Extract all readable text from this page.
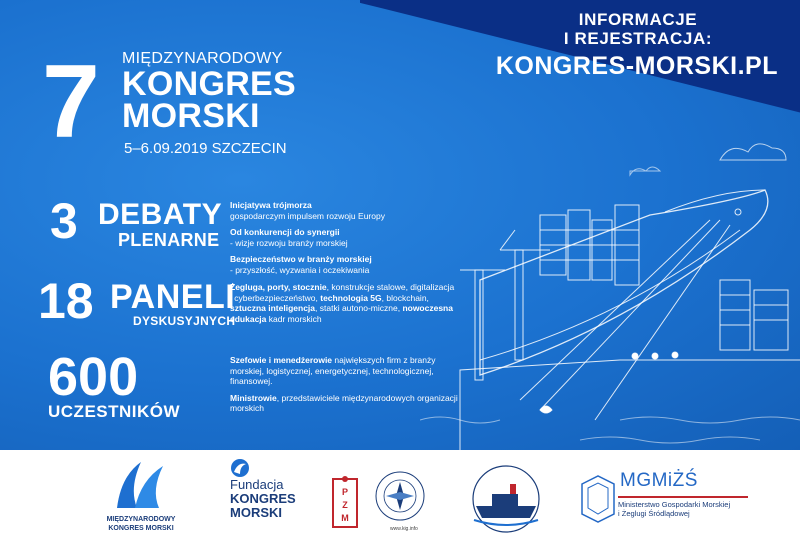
INFORMACJE
I REJESTRACJA:
KONGRES-MORSKI.PL
7 MIĘDZYNARODOWY
KONGRES
MORSKI
5–6.09.2019 SZCZECIN
3 DEBATY
PLENARNE
18 PANELI
DYSKUSYJNYCH
600
UCZESTNIKÓW

Inicjatywa trójmorza
gospodarczym impulsem rozwoju Europy

Od konkurencji do synergii
- wizje rozwoju branży morskiej

Bezpieczeństwo w branży morskiej
- przyszłość, wyzwania i oczekiwania

Żegluga, porty, stocznie, konstrukcje stalowe, digitalizacja i cyberbezpieczeństwo, technologia 5G, blockchain, sztuczna inteligencja, statki autono-miczne, nowoczesna edukacja kadr morskich

Szefowie i menedżerowie największych firm z branży morskiej, logistycznej, energetycznej, technologicznej, finansowej.

Ministrowie, przedstawiciele międzynarodowych organizacji morskich

MIĘDZYNARODOWY
KONGRES MORSKI
Fundacja
KONGRES
MORSKI
P
Z
M
www.kig.info
MGMiŻŚ
Ministerstwo Gospodarki Morskiej
i Żeglugi Śródlądowej
